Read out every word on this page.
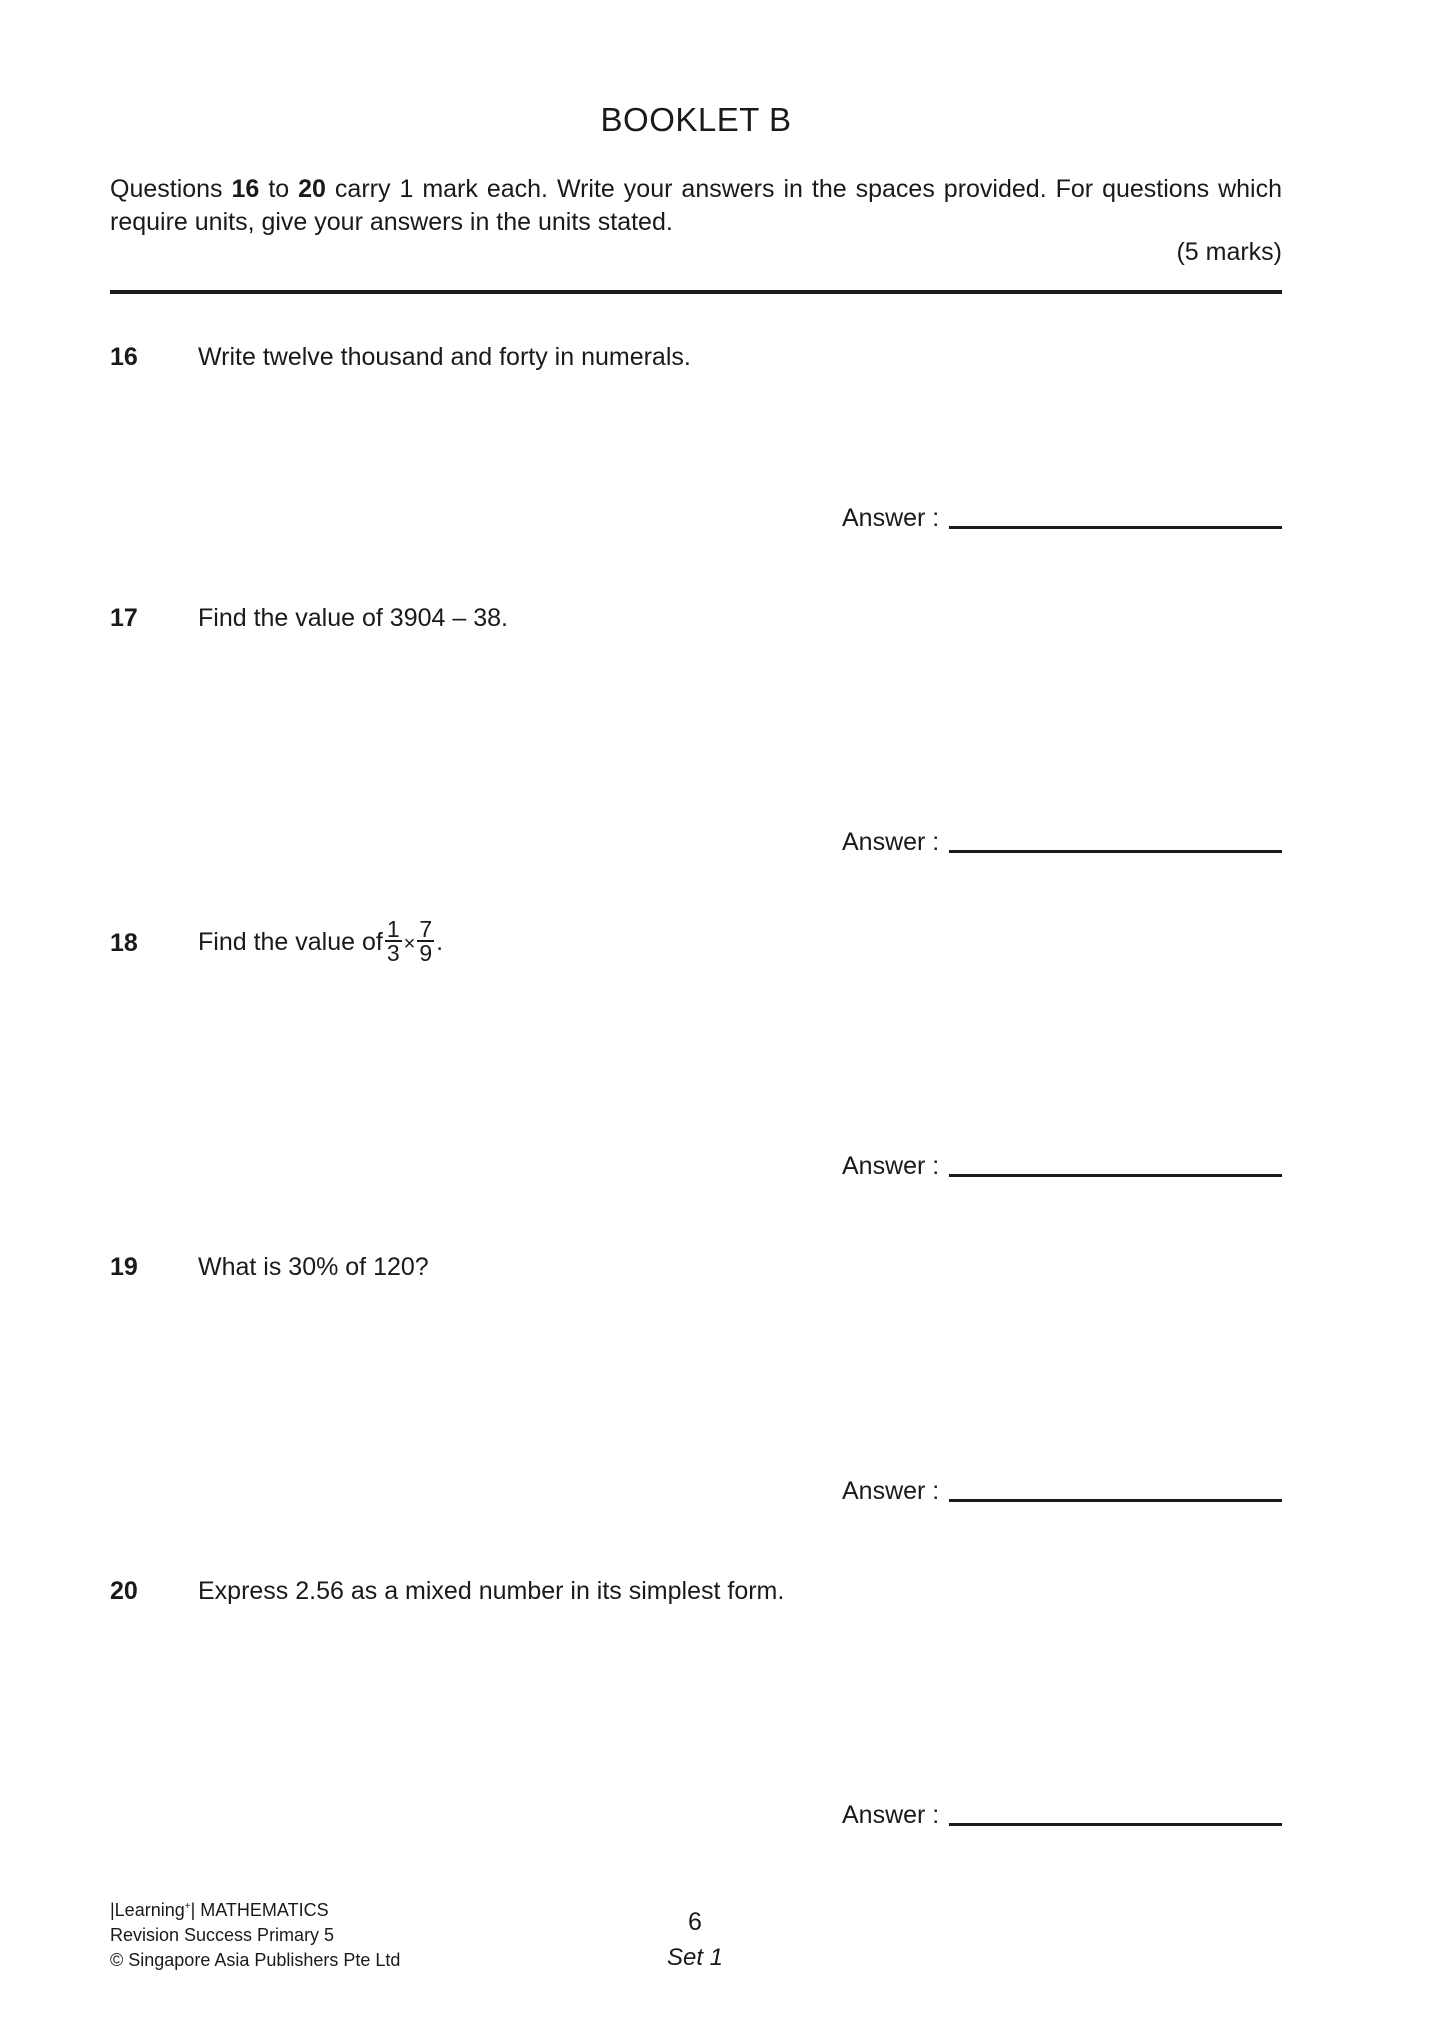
BOOKLET B
Questions 16 to 20 carry 1 mark each. Write your answers in the spaces provided. For questions which require units, give your answers in the units stated.
(5 marks)
16 Write twelve thousand and forty in numerals.
Answer :
17 Find the value of 3904 – 38.
Answer :
18 Find the value of $\frac{1}{3} \times \frac{7}{9}$ .
Answer :
19 What is 30% of 120?
Answer :
20 Express 2.56 as a mixed number in its simplest form.
Answer :
|Learning+| MATHEMATICS
Revision Success Primary 5
© Singapore Asia Publishers Pte Ltd
6
Set 1
